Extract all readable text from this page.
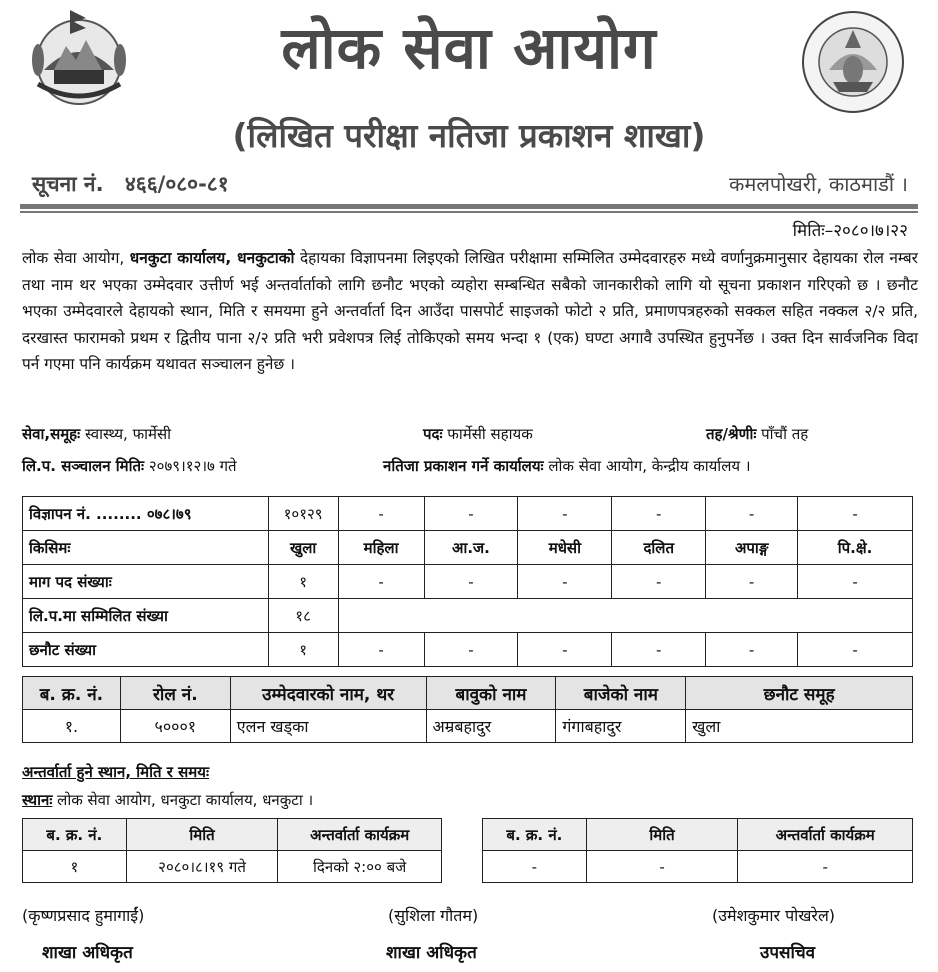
लोक सेवा आयोग
(लिखित परीक्षा नतिजा प्रकाशन शाखा)
सूचना नं. ४६६/०८०-८१	कमलपोखरी, काठमाडौं ।
मितिः–२०८०।७।२२
लोक सेवा आयोग, धनकुटा कार्यालय, धनकुटाको देहायका विज्ञापनमा लिइएको लिखित परीक्षामा सम्मिलित उम्मेदवारहरु मध्ये वर्णानुक्रमानुसार देहायका रोल नम्बर तथा नाम थर भएका उम्मेदवार उत्तीर्ण भई अन्तर्वार्ताको लागि छनौट भएको व्यहोरा सम्बन्धित सबैको जानकारीको लागि यो सूचना प्रकाशन गरिएको छ । छनौट भएका उम्मेदवारले देहायको स्थान, मिति र समयमा हुने अन्तर्वार्ता दिन आउँदा पासपोर्ट साइजको फोटो २ प्रति, प्रमाणपत्रहरुको सक्कल सहित नक्कल २/२ प्रति, दरखास्त फारामको प्रथम र द्वितीय पाना २/२ प्रति भरी प्रवेशपत्र लिई तोकिएको समय भन्दा १ (एक) घण्टा अगावै उपस्थित हुनुपर्नेछ । उक्त दिन सार्वजनिक विदा पर्न गएमा पनि कार्यक्रम यथावत सञ्चालन हुनेछ ।
सेवा,समूहः स्वास्थ्य, फार्मेसी	पदः फार्मेसी सहायक	तह/श्रेणीः पाँचौं तह
लि.प. सञ्चालन मितिः २०७९।१२।७ गते	नतिजा प्रकाशन गर्ने कार्यालयः लोक सेवा आयोग, केन्द्रीय कार्यालय ।
विज्ञापन नं. ........ ०७८।७९	१०१२९	-	-	-	-	-	-
किसिमः	खुला	महिला	आ.ज.	मधेसी	दलित	अपाङ्ग	पि.क्षे.
माग पद संख्याः	१	-	-	-	-	-	-
लि.प.मा सम्मिलित संख्या	१८						
छनौट संख्या	१	-	-	-	-	-	-
ब. क्र. नं.	रोल नं.	उम्मेदवारको नाम, थर	बावुको नाम	बाजेको नाम	छनौट समूह
१.	५०००१	एलन खड्का	अम्रबहादुर	गंगाबहादुर	खुला
अन्तर्वार्ता हुने स्थान, मिति र समयः
स्थानः लोक सेवा आयोग, धनकुटा कार्यालय, धनकुटा ।
ब. क्र. नं.	मिति	अन्तर्वार्ता कार्यक्रम
१	२०८०।८।१९ गते	दिनको २:०० बजे
ब. क्र. नं.	मिति	अन्तर्वार्ता कार्यक्रम
-	-	-
(कृष्णप्रसाद हुमागाईं)	(सुशिला गौतम)	(उमेशकुमार पोखरेल)
शाखा अधिकृत	शाखा अधिकृत	उपसचिव
